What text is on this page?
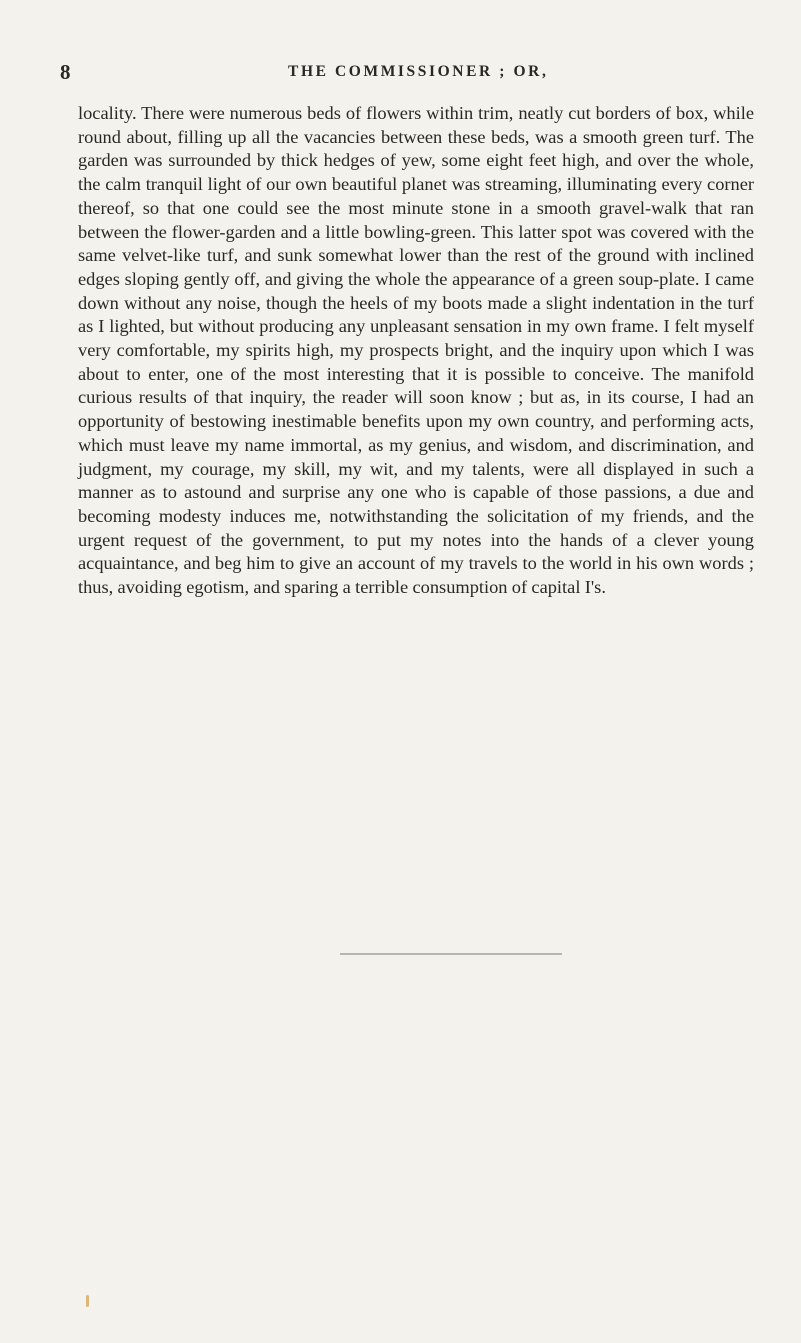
8	THE COMMISSIONER ; OR,

locality. There were numerous beds of flowers within trim, neatly cut borders of box, while round about, filling up all the vacancies between these beds, was a smooth green turf. The garden was surrounded by thick hedges of yew, some eight feet high, and over the whole, the calm tranquil light of our own beautiful planet was streaming, illuminating every corner thereof, so that one could see the most minute stone in a smooth gravel-walk that ran between the flower-garden and a little bowling-green. This latter spot was covered with the same velvet-like turf, and sunk somewhat lower than the rest of the ground with inclined edges sloping gently off, and giving the whole the appearance of a green soup-plate. I came down without any noise, though the heels of my boots made a slight indentation in the turf as I lighted, but without producing any unpleasant sensation in my own frame. I felt myself very comfortable, my spirits high, my prospects bright, and the inquiry upon which I was about to enter, one of the most interesting that it is possible to conceive. The manifold curious results of that inquiry, the reader will soon know ; but as, in its course, I had an opportunity of bestowing inestimable benefits upon my own country, and performing acts, which must leave my name immortal, as my genius, and wisdom, and discrimination, and judgment, my courage, my skill, my wit, and my talents, were all displayed in such a manner as to astound and surprise any one who is capable of those passions, a due and becoming modesty induces me, notwithstanding the solicitation of my friends, and the urgent request of the government, to put my notes into the hands of a clever young acquaintance, and beg him to give an account of my travels to the world in his own words ; thus, avoiding egotism, and sparing a terrible consumption of capital I's.
